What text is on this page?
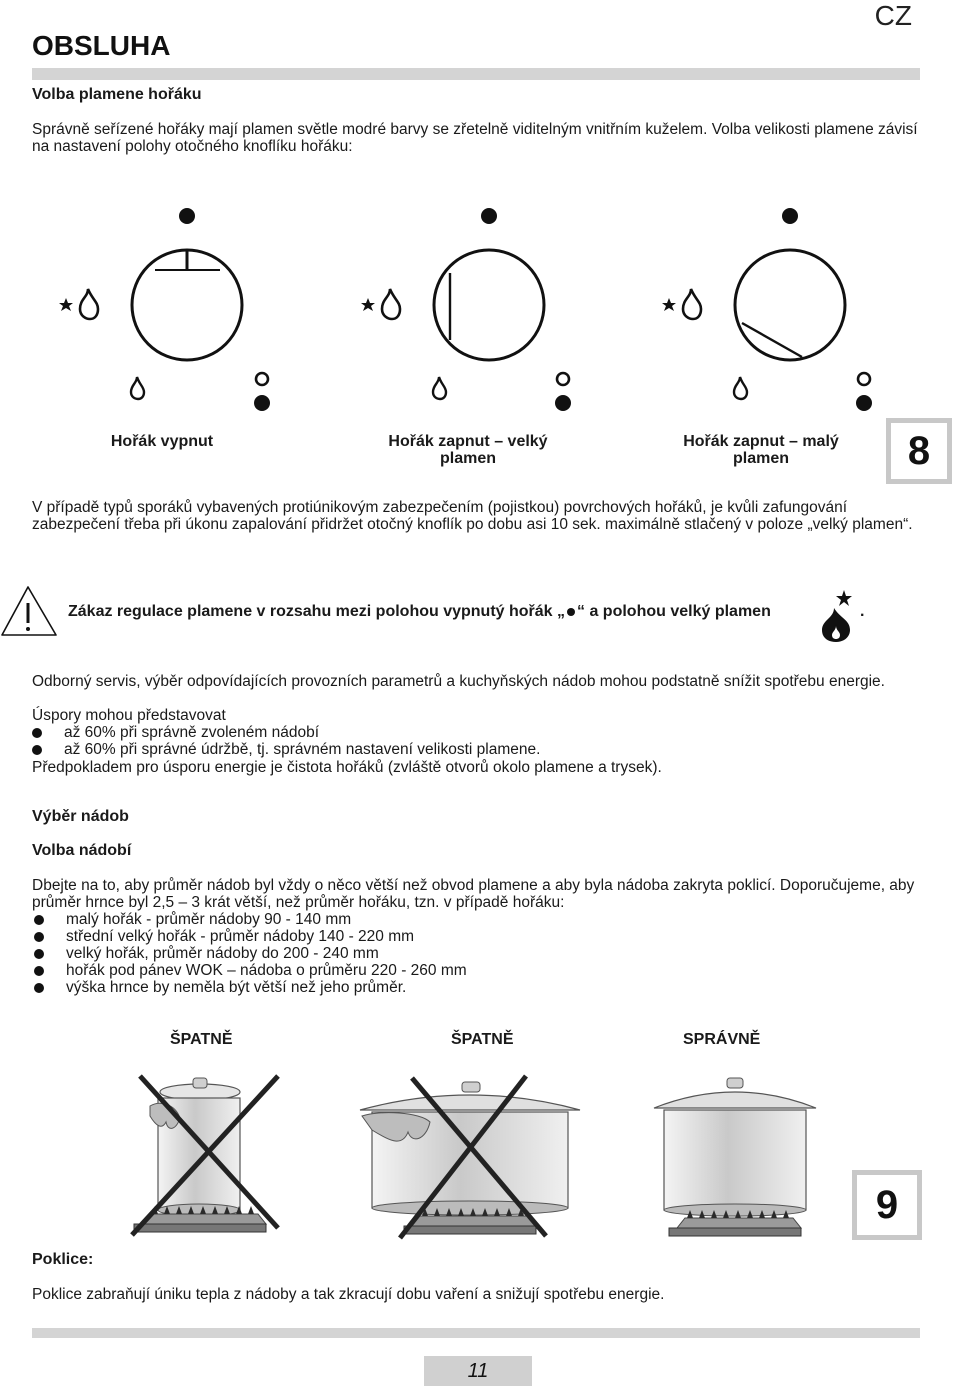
CZ
OBSLUHA
Volba plamene hořáku
Správně seřízené hořáky mají plamen světle modré barvy se zřetelně viditelným vnitřním kuželem. Volba velikosti plamene závisí na nastavení polohy otočného knoflíku hořáku:
Hořák vypnut	Hořák zapnut – velký plamen
Hořák zapnut – malý plamen	8
V případě typů sporáků vybavených protiúnikovým zabezpečením (pojistkou) povrchových hořáků, je kvůli zafungování zabezpečení třeba při úkonu zapalování přidržet otočný knoflík po dobu asi 10 sek. maximálně stlačený v poloze „velký plamen“.
Zákaz regulace plamene v rozsahu mezi polohou vypnutý hořák „ “ a polohou velký plamen	.
Odborný servis, výběr odpovídajících provozních parametrů a kuchyňských nádob mohou podstatně snížit spotřebu energie.
Úspory mohou představovat
až 60% při správně zvoleném nádobí
až 60% při správné údržbě, tj. správném nastavení velikosti plamene.
Předpokladem pro úsporu energie je čistota hořáků (zvláště otvorů okolo plamene a trysek).
Výběr nádob
Volba nádobí
Dbejte na to, aby průměr nádob byl vždy o něco větší než obvod plamene a aby byla nádoba zakryta poklicí. Doporučujeme, aby průměr hrnce byl 2,5 – 3 krát větší, než průměr hořáku, tzn. v případě hořáku:
malý hořák - průměr nádoby 90 - 140 mm
střední velký hořák - průměr nádoby 140 - 220 mm
velký hořák, průměr nádoby do 200 - 240 mm
hořák pod pánev WOK – nádoba o průměru 220 - 260 mm
výška hrnce by neměla být větší než jeho průměr.
ŠPATNĚ	ŠPATNĚ	SPRÁVNĚ
9
Poklice:
Poklice zabraňují úniku tepla z nádoby a tak zkracují dobu vaření a snižují spotřebu energie.
11
